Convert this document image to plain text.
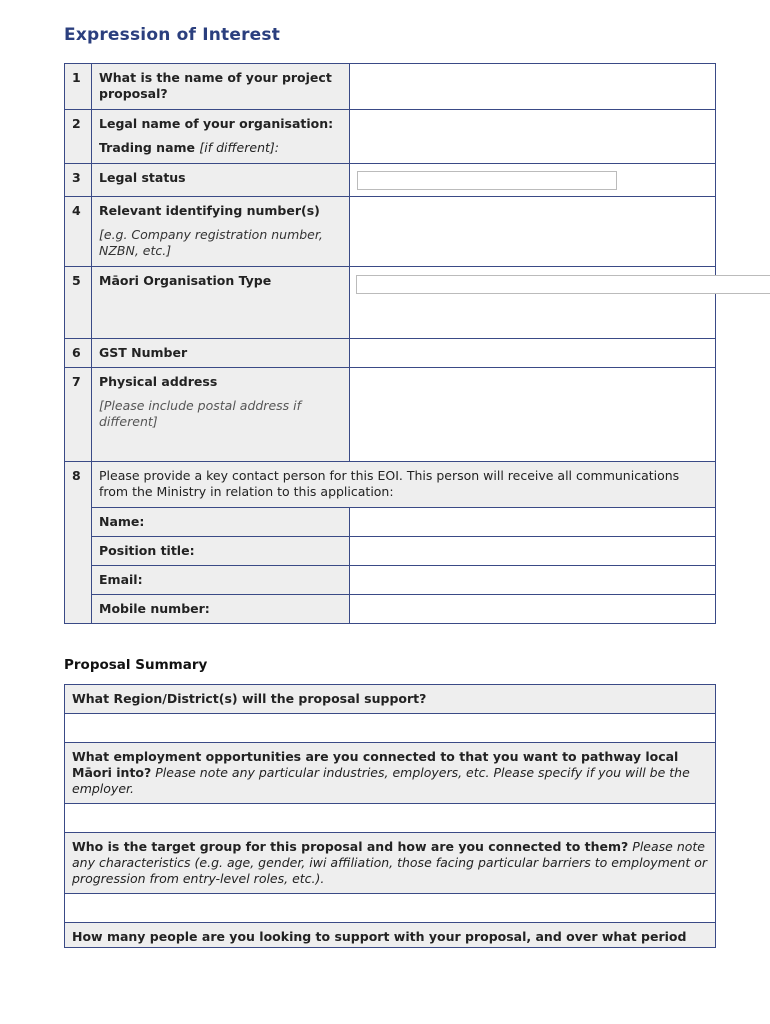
Expression of Interest
1	What is the name of your project proposal?	
2	Legal name of your organisation:
Trading name [if different]:	

3	Legal status	

4	Relevant identifying number(s)
[e.g. Company registration number, NZBN, etc.]	

5	Māori Organisation Type	

6	GST Number	
7	Physical address
[Please include postal address if different]	

8	Please provide a key contact person for this EOI. This person will receive all communications from the Ministry in relation to this application:	
	Name:	
	Position title:	
	Email:	
	Mobile number:	
Proposal Summary
What Region/District(s) will the proposal support?

What employment opportunities are you connected to that you want to pathway local Māori into? Please note any particular industries, employers, etc. Please specify if you will be the employer.

Who is the target group for this proposal and how are you connected to them? Please note any characteristics (e.g. age, gender, iwi affiliation, those facing particular barriers to employment or progression from entry-level roles, etc.).

How many people are you looking to support with your proposal, and over what period
